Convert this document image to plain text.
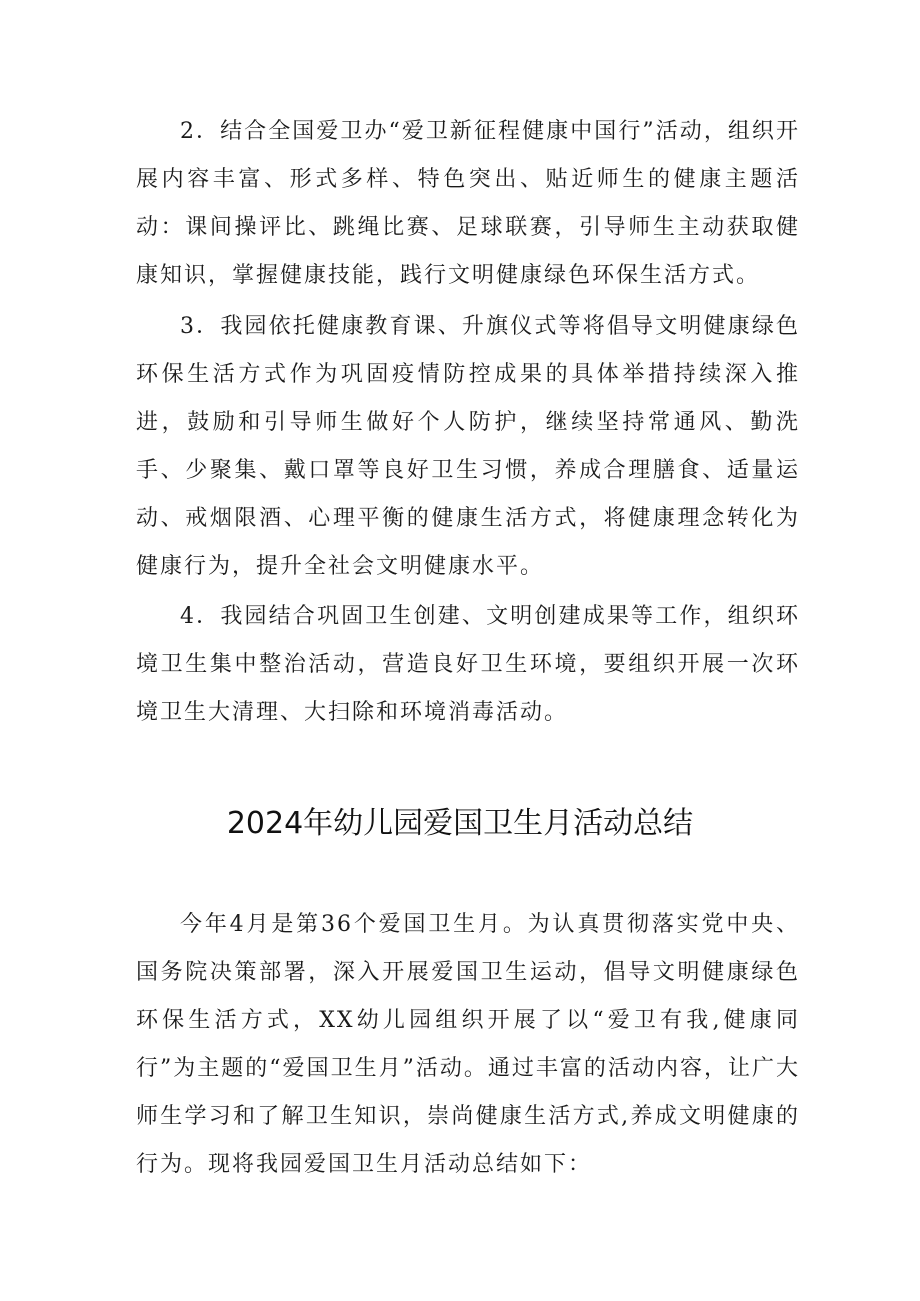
2．结合全国爱卫办“爱卫新征程健康中国行”活动，组织开展内容丰富、形式多样、特色突出、贴近师生的健康主题活动：课间操评比、跳绳比赛、足球联赛，引导师生主动获取健康知识，掌握健康技能，践行文明健康绿色环保生活方式。

3．我园依托健康教育课、升旗仪式等将倡导文明健康绿色环保生活方式作为巩固疫情防控成果的具体举措持续深入推进，鼓励和引导师生做好个人防护，继续坚持常通风、勤洗手、少聚集、戴口罩等良好卫生习惯，养成合理膳食、适量运动、戒烟限酒、心理平衡的健康生活方式，将健康理念转化为健康行为，提升全社会文明健康水平。

4．我园结合巩固卫生创建、文明创建成果等工作，组织环境卫生集中整治活动，营造良好卫生环境，要组织开展一次环境卫生大清理、大扫除和环境消毒活动。

2024年幼儿园爱国卫生月活动总结

今年4月是第36个爱国卫生月。为认真贯彻落实党中央、国务院决策部署，深入开展爱国卫生运动，倡导文明健康绿色环保生活方式，XX幼儿园组织开展了以“爱卫有我,健康同行”为主题的“爱国卫生月”活动。通过丰富的活动内容，让广大师生学习和了解卫生知识，崇尚健康生活方式,养成文明健康的行为。现将我园爱国卫生月活动总结如下：
